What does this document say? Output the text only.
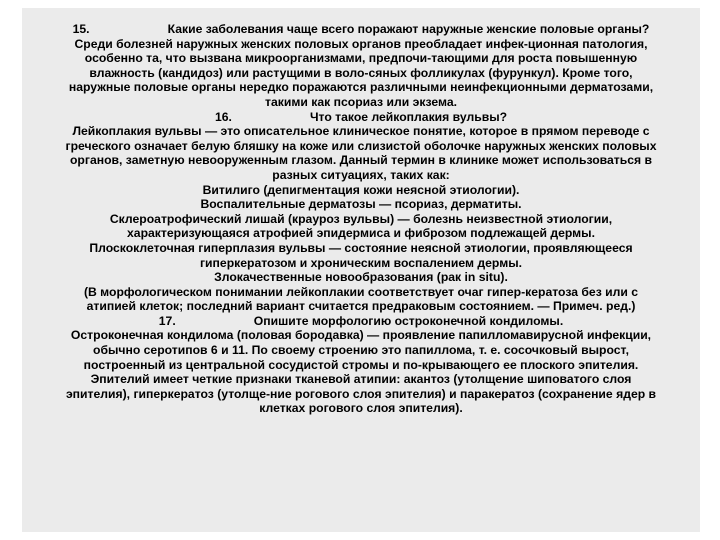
15.	Какие заболевания чаще всего поражают наружные женские половые органы?
Среди болезней наружных женских половых органов преобладает инфек-ционная патология,
особенно та, что вызвана микроорганизмами, предпочи-тающими для роста повышенную
влажность (кандидоз) или растущими в воло-сяных фолликулах (фурункул). Кроме того,
наружные половые органы нередко поражаются различными неинфекционными дерматозами,
такими как псориаз или экзема.
16.	Что такое лейкоплакия вульвы?
Лейкоплакия вульвы — это описательное клиническое понятие, которое в прямом переводе с
греческого означает белую бляшку на коже или слизистой оболочке наружных женских половых
органов, заметную невооруженным глазом. Данный термин в клинике может использоваться в
разных ситуациях, таких как:
Витилиго (депигментация кожи неясной этиологии).
Воспалительные дерматозы — псориаз, дерматиты.
Склероатрофический лишай (крауроз вульвы) — болезнь неизвестной этиологии,
характеризующаяся атрофией эпидермиса и фиброзом подлежащей дермы.
Плоскоклеточная гиперплазия вульвы — состояние неясной этиологии, проявляющееся
гиперкератозом и хроническим воспалением дермы.
Злокачественные новообразования (рак in situ).
(В морфологическом понимании лейкоплакии соответствует очаг гипер-кератоза без или с
атипией клеток; последний вариант считается предраковым состоянием. — Примеч. ред.)
17.	Опишите морфологию остроконечной кондиломы.
Остроконечная кондилома (половая бородавка) — проявление папилломавирусной инфекции,
обычно серотипов 6 и 11. По своему строению это папиллома, т. е. сосочковый вырост,
построенный из центральной сосудистой стромы и по-крывающего ее плоского эпителия.
Эпителий имеет четкие признаки тканевой атипии: акантоз (утолщение шиповатого слоя
эпителия), гиперкератоз (утолще-ние рогового слоя эпителия) и паракератоз (сохранение ядер в
клетках рогового слоя эпителия).
